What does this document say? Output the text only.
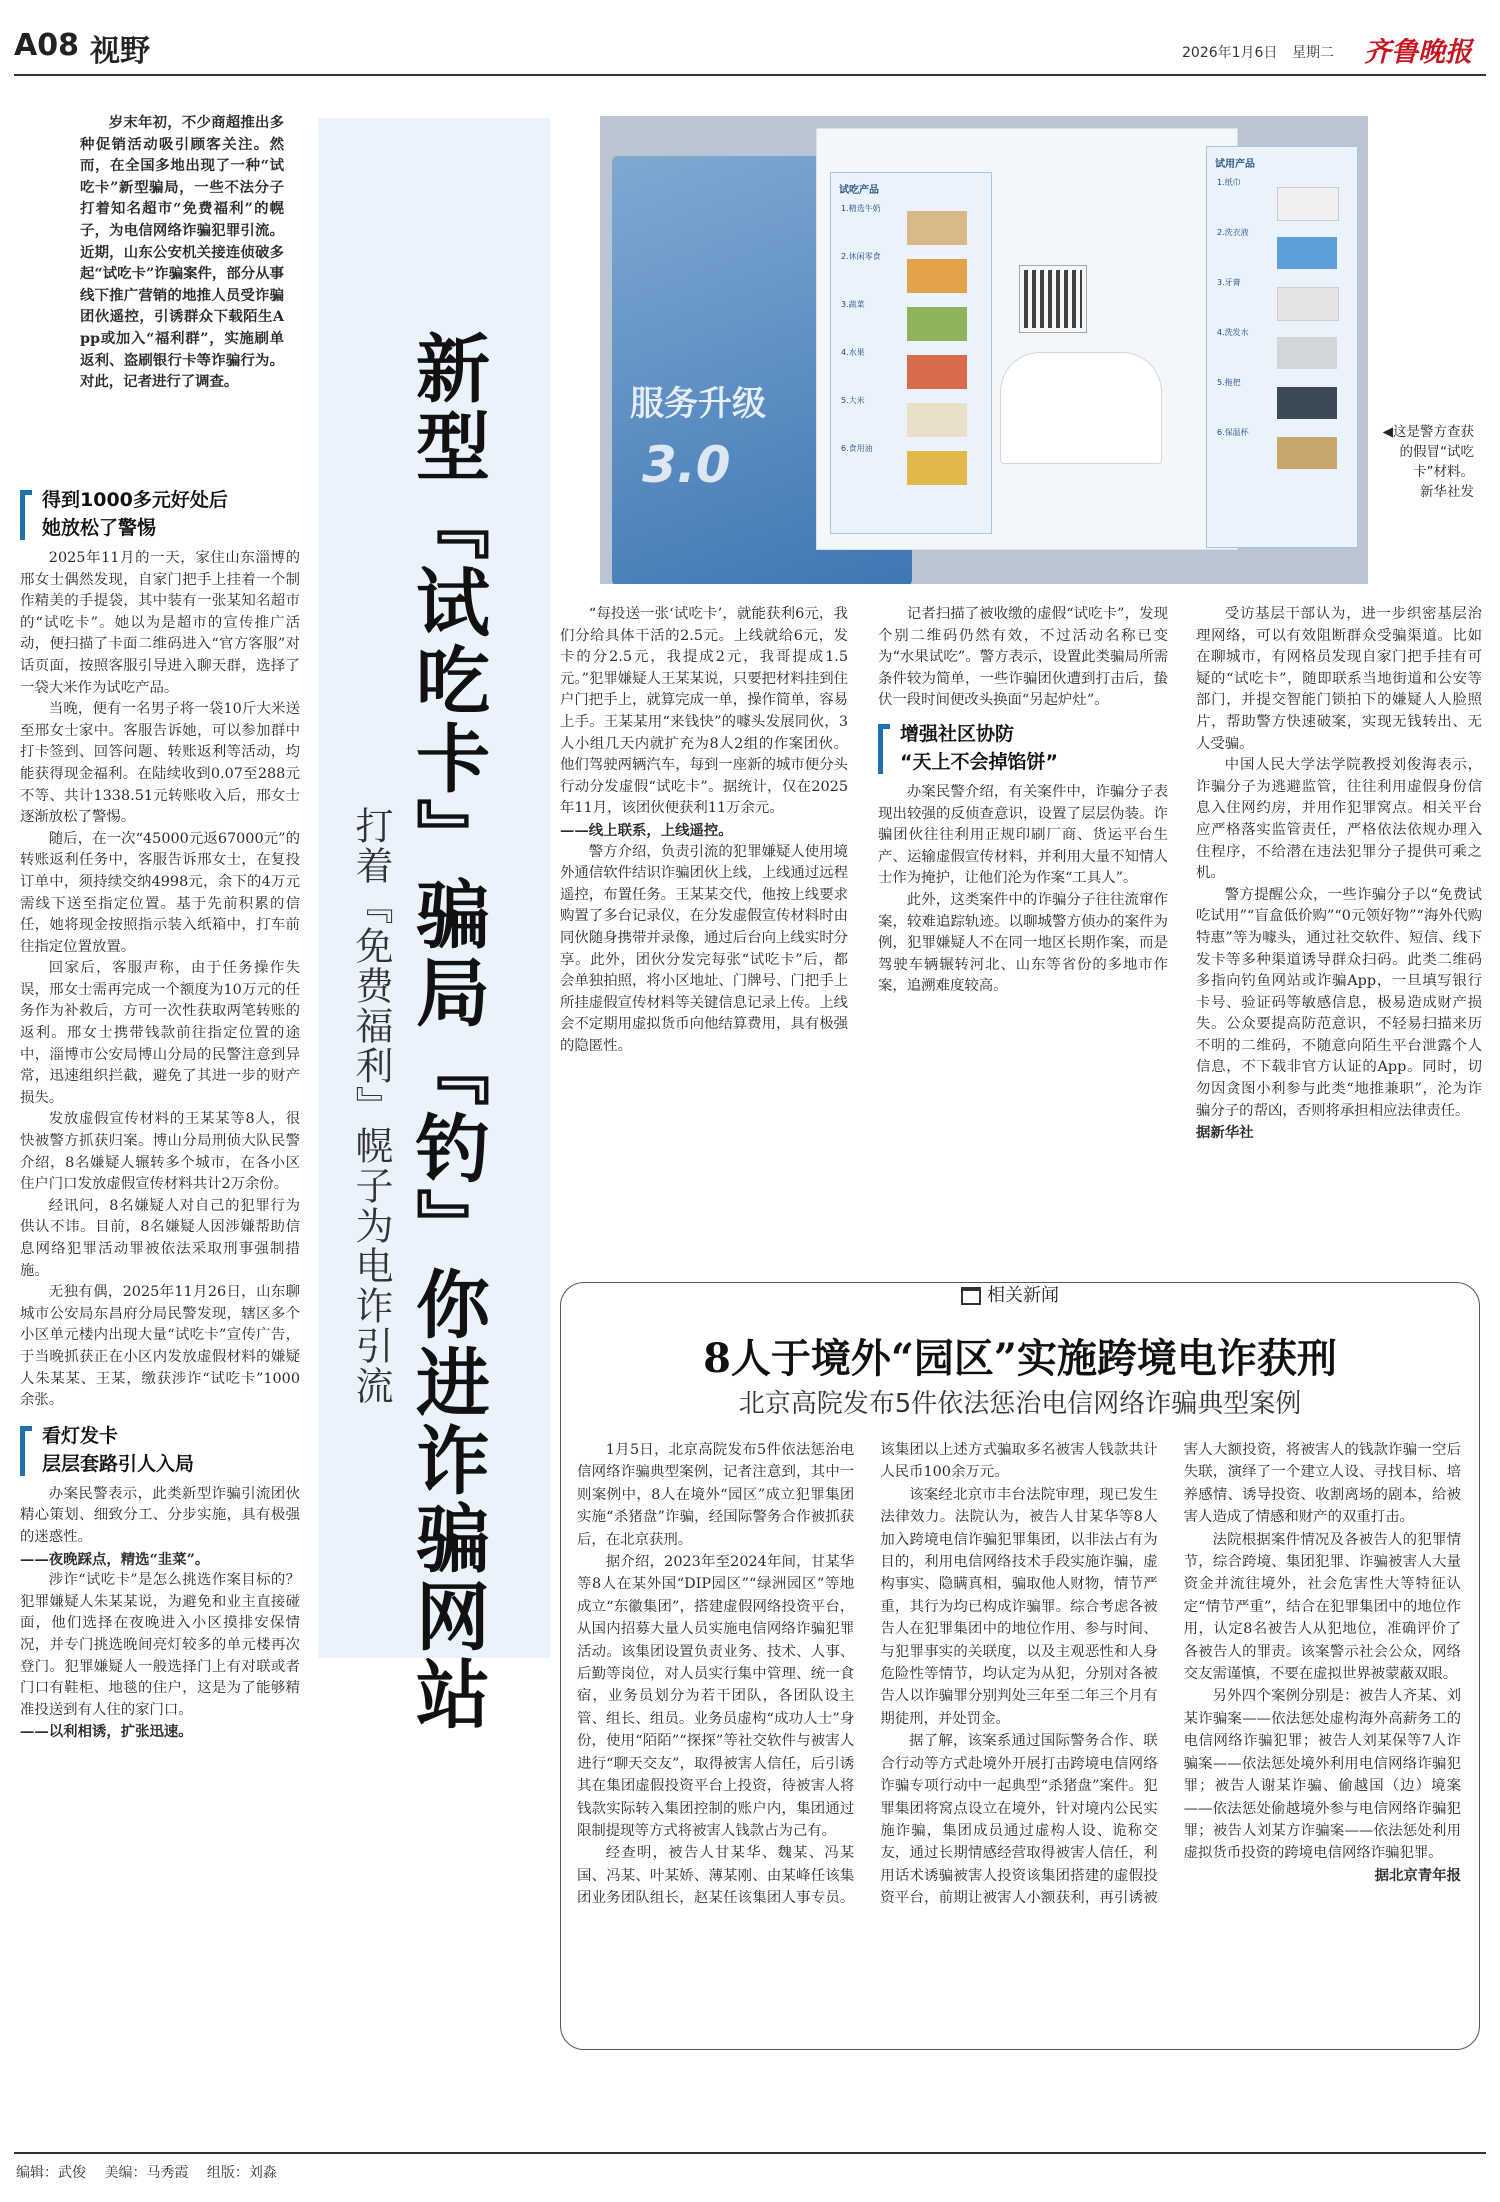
A08 视野	2026年1月6日 星期二 齐鲁晚报

岁末年初，不少商超推出多种促销活动吸引顾客关注。然而，在全国多地出现了一种“试吃卡”新型骗局，一些不法分子打着知名超市“免费福利”的幌子，为电信网络诈骗犯罪引流。近期，山东公安机关接连侦破多起“试吃卡”诈骗案件，部分从事线下推广营销的地推人员受诈骗团伙遥控，引诱群众下载陌生App或加入“福利群”，实施刷单返利、盗刷银行卡等诈骗行为。对此，记者进行了调查。

得到1000多元好处后
她放松了警惕

2025年11月的一天，家住山东淄博的邢女士偶然发现，自家门把手上挂着一个制作精美的手提袋，其中装有一张某知名超市的“试吃卡”。她以为是超市的宣传推广活动，便扫描了卡面二维码进入“官方客服”对话页面，按照客服引导进入聊天群，选择了一袋大米作为试吃产品。

当晚，便有一名男子将一袋10斤大米送至邢女士家中。客服告诉她，可以参加群中打卡签到、回答问题、转账返利等活动，均能获得现金福利。在陆续收到0.07至288元不等、共计1338.51元转账收入后，邢女士逐渐放松了警惕。

随后，在一次“45000元返67000元”的转账返利任务中，客服告诉邢女士，在复投订单中，须持续交纳4998元，余下的4万元需线下送至指定位置。基于先前积累的信任，她将现金按照指示装入纸箱中，打车前往指定位置放置。

回家后，客服声称，由于任务操作失误，邢女士需再完成一个额度为10万元的任务作为补救后，方可一次性获取两笔转账的返利。邢女士携带钱款前往指定位置的途中，淄博市公安局博山分局的民警注意到异常，迅速组织拦截，避免了其进一步的财产损失。

发放虚假宣传材料的王某某等8人，很快被警方抓获归案。博山分局刑侦大队民警介绍，8名嫌疑人辗转多个城市，在各小区住户门口发放虚假宣传材料共计2万余份。

经讯问，8名嫌疑人对自己的犯罪行为供认不讳。目前，8名嫌疑人因涉嫌帮助信息网络犯罪活动罪被依法采取刑事强制措施。

无独有偶，2025年11月26日，山东聊城市公安局东昌府分局民警发现，辖区多个小区单元楼内出现大量“试吃卡”宣传广告，于当晚抓获正在小区内发放虚假材料的嫌疑人朱某某、王某，缴获涉诈“试吃卡”1000余张。

看灯发卡
层层套路引人入局

办案民警表示，此类新型诈骗引流团伙精心策划、细致分工、分步实施，具有极强的迷惑性。

——夜晚踩点，精选“韭菜”。

涉诈“试吃卡”是怎么挑选作案目标的？犯罪嫌疑人朱某某说，为避免和业主直接碰面，他们选择在夜晚进入小区摸排安保情况，并专门挑选晚间亮灯较多的单元楼再次登门。犯罪嫌疑人一般选择门上有对联或者门口有鞋柜、地毯的住户，这是为了能够精准投送到有人住的家门口。

——以利相诱，扩张迅速。	新型『试吃卡』骗局『钓』你进诈骗网站
打着『免费福利』幌子为电诈引流
服务升级
3.0
试吃产品
1.精选牛奶
2.休闲零食
3.蔬菜
4.水果
5.大米
6.食用油
试用产品
1.纸巾
2.洗衣液
3.牙膏
4.洗发水
5.拖把
6.保温杯	◀这是警方查获的假冒“试吃卡”材料。
新华社发

“每投送一张‘试吃卡’，就能获利6元，我们分给具体干活的2.5元。上线就给6元，发卡的分2.5元，我提成2元，我哥提成1.5元。”犯罪嫌疑人王某某说，只要把材料挂到住户门把手上，就算完成一单，操作简单，容易上手。王某某用“来钱快”的噱头发展同伙，3人小组几天内就扩充为8人2组的作案团伙。他们驾驶两辆汽车，每到一座新的城市便分头行动分发虚假“试吃卡”。据统计，仅在2025年11月，该团伙便获利11万余元。

——线上联系，上线遥控。

警方介绍，负责引流的犯罪嫌疑人使用境外通信软件结识诈骗团伙上线，上线通过远程遥控，布置任务。王某某交代，他按上线要求购置了多台记录仪，在分发虚假宣传材料时由同伙随身携带并录像，通过后台向上线实时分享。此外，团伙分发完每张“试吃卡”后，都会单独拍照，将小区地址、门牌号、门把手上所挂虚假宣传材料等关键信息记录上传。上线会不定期用虚拟货币向他结算费用，具有极强的隐匿性。

记者扫描了被收缴的虚假“试吃卡”，发现个别二维码仍然有效，不过活动名称已变为“水果试吃”。警方表示，设置此类骗局所需条件较为简单，一些诈骗团伙遭到打击后，蛰伏一段时间便改头换面“另起炉灶”。

增强社区协防
“天上不会掉馅饼”

办案民警介绍，有关案件中，诈骗分子表现出较强的反侦查意识，设置了层层伪装。诈骗团伙往往利用正规印刷厂商、货运平台生产、运输虚假宣传材料，并利用大量不知情人士作为掩护，让他们沦为作案“工具人”。

此外，这类案件中的诈骗分子往往流窜作案，较难追踪轨迹。以聊城警方侦办的案件为例，犯罪嫌疑人不在同一地区长期作案，而是驾驶车辆辗转河北、山东等省份的多地市作案，追溯难度较高。

受访基层干部认为，进一步织密基层治理网络，可以有效阻断群众受骗渠道。比如在聊城市，有网格员发现自家门把手挂有可疑的“试吃卡”，随即联系当地街道和公安等部门，并提交智能门锁拍下的嫌疑人人脸照片，帮助警方快速破案，实现无钱转出、无人受骗。

中国人民大学法学院教授刘俊海表示，诈骗分子为逃避监管，往往利用虚假身份信息入住网约房，并用作犯罪窝点。相关平台应严格落实监管责任，严格依法依规办理入住程序，不给潜在违法犯罪分子提供可乘之机。

警方提醒公众，一些诈骗分子以“免费试吃试用”“盲盒低价购”“0元领好物”“海外代购特惠”等为噱头，通过社交软件、短信、线下发卡等多种渠道诱导群众扫码。此类二维码多指向钓鱼网站或诈骗App，一旦填写银行卡号、验证码等敏感信息，极易造成财产损失。公众要提高防范意识，不轻易扫描来历不明的二维码，不随意向陌生平台泄露个人信息，不下载非官方认证的App。同时，切勿因贪图小利参与此类“地推兼职”，沦为诈骗分子的帮凶，否则将承担相应法律责任。

据新华社

相关新闻
8人于境外“园区”实施跨境电诈获刑
北京高院发布5件依法惩治电信网络诈骗典型案例

1月5日，北京高院发布5件依法惩治电信网络诈骗典型案例，记者注意到，其中一则案例中，8人在境外“园区”成立犯罪集团实施“杀猪盘”诈骗，经国际警务合作被抓获后，在北京获刑。

据介绍，2023年至2024年间，甘某华等8人在某外国“DIP园区”“绿洲园区”等地成立“东徽集团”，搭建虚假网络投资平台，从国内招募大量人员实施电信网络诈骗犯罪活动。该集团设置负责业务、技术、人事、后勤等岗位，对人员实行集中管理、统一食宿，业务员划分为若干团队，各团队设主管、组长、组员。业务员虚构“成功人士”身份，使用“陌陌”“探探”等社交软件与被害人进行“聊天交友”，取得被害人信任，后引诱其在集团虚假投资平台上投资，待被害人将钱款实际转入集团控制的账户内，集团通过限制提现等方式将被害人钱款占为己有。

经查明，被告人甘某华、魏某、冯某国、冯某、叶某娇、薄某刚、由某峰任该集团业务团队组长，赵某任该集团人事专员。该集团以上述方式骗取多名被害人钱款共计人民币100余万元。

该案经北京市丰台法院审理，现已发生法律效力。法院认为，被告人甘某华等8人加入跨境电信诈骗犯罪集团，以非法占有为目的，利用电信网络技术手段实施诈骗，虚构事实、隐瞒真相，骗取他人财物，情节严重，其行为均已构成诈骗罪。综合考虑各被告人在犯罪集团中的地位作用、参与时间、与犯罪事实的关联度，以及主观恶性和人身危险性等情节，均认定为从犯，分别对各被告人以诈骗罪分别判处三年至二年三个月有期徒刑，并处罚金。

据了解，该案系通过国际警务合作、联合行动等方式赴境外开展打击跨境电信网络诈骗专项行动中一起典型“杀猪盘”案件。犯罪集团将窝点设立在境外，针对境内公民实施诈骗，集团成员通过虚构人设、诡称交友，通过长期情感经营取得被害人信任，利用话术诱骗被害人投资该集团搭建的虚假投资平台，前期让被害人小额获利，再引诱被害人大额投资，将被害人的钱款诈骗一空后失联，演绎了一个建立人设、寻找目标、培养感情、诱导投资、收割离场的剧本，给被害人造成了情感和财产的双重打击。

法院根据案件情况及各被告人的犯罪情节，综合跨境、集团犯罪、诈骗被害人大量资金并流往境外，社会危害性大等特征认定“情节严重”，结合在犯罪集团中的地位作用，认定8名被告人从犯地位，准确评价了各被告人的罪责。该案警示社会公众，网络交友需谨慎，不要在虚拟世界被蒙蔽双眼。

另外四个案例分别是：被告人齐某、刘某诈骗案——依法惩处虚构海外高薪务工的电信网络诈骗犯罪；被告人刘某保等7人诈骗案——依法惩处境外利用电信网络诈骗犯罪；被告人谢某诈骗、偷越国（边）境案——依法惩处偷越境外参与电信网络诈骗犯罪；被告人刘某方诈骗案——依法惩处利用虚拟货币投资的跨境电信网络诈骗犯罪。

据北京青年报

编辑：武俊 美编：马秀霞 组版：刘淼
